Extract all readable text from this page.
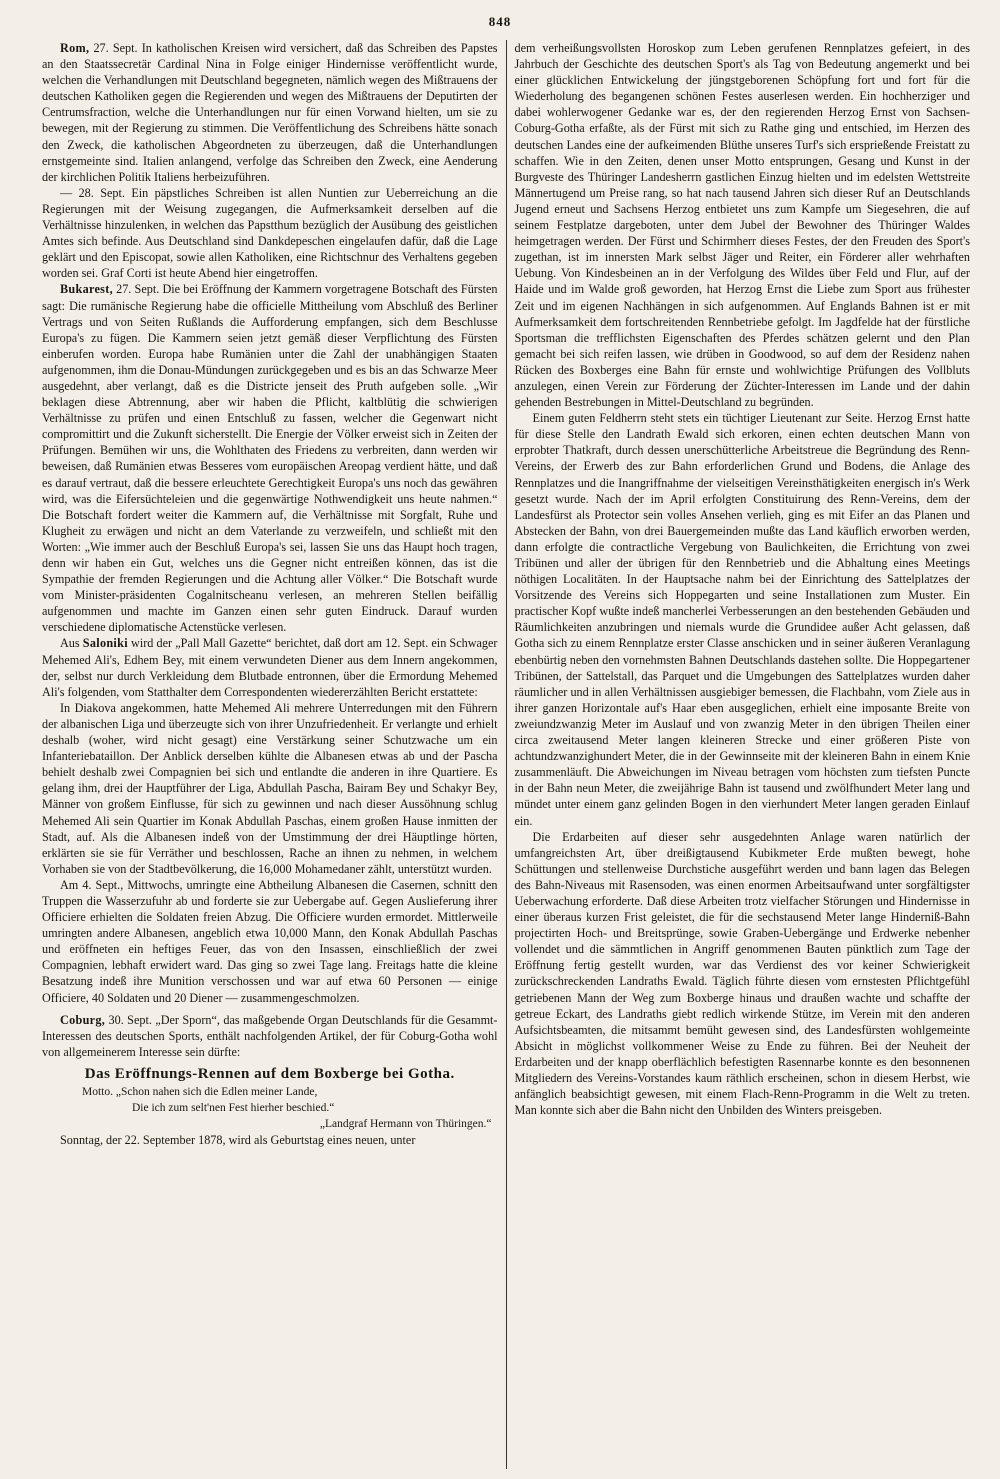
848

Rom, 27. Sept. In katholischen Kreisen wird versichert, daß das Schreiben des Papstes an den Staatssecretär Cardinal Nina in Folge einiger Hindernisse veröffentlicht wurde, welchen die Verhandlungen mit Deutschland begegneten, nämlich wegen des Mißtrauens der deutschen Katholiken gegen die Regierenden und wegen des Mißtrauens der Deputirten der Centrumsfraction, welche die Unterhandlungen nur für einen Vorwand hielten, um sie zu bewegen, mit der Regierung zu stimmen. Die Veröffentlichung des Schreibens hätte sonach den Zweck, die katholischen Abgeordneten zu überzeugen, daß die Unterhandlungen ernstgemeinte sind. Italien anlangend, verfolge das Schreiben den Zweck, eine Aenderung der kirchlichen Politik Italiens herbeizuführen.

— 28. Sept. Ein päpstliches Schreiben ist allen Nuntien zur Ueberreichung an die Regierungen mit der Weisung zugegangen, die Aufmerksamkeit derselben auf die Verhältnisse hinzulenken, in welchen das Papstthum bezüglich der Ausübung des geistlichen Amtes sich befinde. Aus Deutschland sind Dankdepeschen eingelaufen dafür, daß die Lage geklärt und den Episcopat, sowie allen Katholiken, eine Richtschnur des Verhaltens gegeben worden sei. Graf Corti ist heute Abend hier eingetroffen.

Bukarest, 27. Sept. Die bei Eröffnung der Kammern vorgetragene Botschaft des Fürsten sagt: Die rumänische Regierung habe die officielle Mittheilung vom Abschluß des Berliner Vertrags und von Seiten Rußlands die Aufforderung empfangen, sich dem Beschlusse Europa's zu fügen. Die Kammern seien jetzt gemäß dieser Verpflichtung des Fürsten einberufen worden. Europa habe Rumänien unter die Zahl der unabhängigen Staaten aufgenommen, ihm die Donau-Mündungen zurückgegeben und es bis an das Schwarze Meer ausgedehnt, aber verlangt, daß es die Districte jenseit des Pruth aufgeben solle. „Wir beklagen diese Abtrennung, aber wir haben die Pflicht, kaltblütig die schwierigen Verhältnisse zu prüfen und einen Entschluß zu fassen, welcher die Gegenwart nicht compromittirt und die Zukunft sicherstellt. Die Energie der Völker erweist sich in Zeiten der Prüfungen. Bemühen wir uns, die Wohlthaten des Friedens zu verbreiten, dann werden wir beweisen, daß Rumänien etwas Besseres vom europäischen Areopag verdient hätte, und daß es darauf vertraut, daß die bessere erleuchtete Gerechtigkeit Europa's uns noch das gewähren wird, was die Eifersüchteleien und die gegenwärtige Nothwendigkeit uns heute nahmen.“ Die Botschaft fordert weiter die Kammern auf, die Verhältnisse mit Sorgfalt, Ruhe und Klugheit zu erwägen und nicht an dem Vaterlande zu verzweifeln, und schließt mit den Worten: „Wie immer auch der Beschluß Europa's sei, lassen Sie uns das Haupt hoch tragen, denn wir haben ein Gut, welches uns die Gegner nicht entreißen können, das ist die Sympathie der fremden Regierungen und die Achtung aller Völker.“ Die Botschaft wurde vom Minister-präsidenten Cogalnitscheanu verlesen, an mehreren Stellen beifällig aufgenommen und machte im Ganzen einen sehr guten Eindruck. Darauf wurden verschiedene diplomatische Actenstücke verlesen.

Aus Saloniki wird der „Pall Mall Gazette“ berichtet, daß dort am 12. Sept. ein Schwager Mehemed Ali's, Edhem Bey, mit einem verwundeten Diener aus dem Innern angekommen, der, selbst nur durch Verkleidung dem Blutbade entronnen, über die Ermordung Mehemed Ali's folgenden, vom Statthalter dem Correspondenten wiedererzählten Bericht erstattete:

In Diakova angekommen, hatte Mehemed Ali mehrere Unterredungen mit den Führern der albanischen Liga und überzeugte sich von ihrer Unzufriedenheit. Er verlangte und erhielt deshalb (woher, wird nicht gesagt) eine Verstärkung seiner Schutzwache um ein Infanteriebataillon. Der Anblick derselben kühlte die Albanesen etwas ab und der Pascha behielt deshalb zwei Compagnien bei sich und entlandte die anderen in ihre Quartiere. Es gelang ihm, drei der Hauptführer der Liga, Abdullah Pascha, Bairam Bey und Schakyr Bey, Männer von großem Einflusse, für sich zu gewinnen und nach dieser Aussöhnung schlug Mehemed Ali sein Quartier im Konak Abdullah Paschas, einem großen Hause inmitten der Stadt, auf. Als die Albanesen indeß von der Umstimmung der drei Häuptlinge hörten, erklärten sie sie für Verräther und beschlossen, Rache an ihnen zu nehmen, in welchem Vorhaben sie von der Stadtbevölkerung, die 16,000 Mohamedaner zählt, unterstützt wurden.

Am 4. Sept., Mittwochs, umringte eine Abtheilung Albanesen die Casernen, schnitt den Truppen die Wasserzufuhr ab und forderte sie zur Uebergabe auf. Gegen Auslieferung ihrer Officiere erhielten die Soldaten freien Abzug. Die Officiere wurden ermordet. Mittlerweile umringten andere Albanesen, angeblich etwa 10,000 Mann, den Konak Abdullah Paschas und eröffneten ein heftiges Feuer, das von den Insassen, einschließlich der zwei Compagnien, lebhaft erwidert ward. Das ging so zwei Tage lang. Freitags hatte die kleine Besatzung indeß ihre Munition verschossen und war auf etwa 60 Personen — einige Officiere, 40 Soldaten und 20 Diener — zusammengeschmolzen.

Coburg, 30. Sept. „Der Sporn“, das maßgebende Organ Deutschlands für die Gesammt-Interessen des deutschen Sports, enthält nachfolgenden Artikel, der für Coburg-Gotha wohl von allgemeinerem Interesse sein dürfte:

Das Eröffnungs-Rennen auf dem Boxberge bei Gotha.

Motto. „Schon nahen sich die Edlen meiner Lande,

Die ich zum selt'nen Fest hierher beschied.“

„Landgraf Hermann von Thüringen.“

Sonntag, der 22. September 1878, wird als Geburtstag eines neuen, unter

dem verheißungsvollsten Horoskop zum Leben gerufenen Rennplatzes gefeiert, in des Jahrbuch der Geschichte des deutschen Sport's als Tag von Bedeutung angemerkt und bei einer glücklichen Entwickelung der jüngstgeborenen Schöpfung fort und fort für die Wiederholung des begangenen schönen Festes auserlesen werden. Ein hochherziger und dabei wohlerwogener Gedanke war es, der den regierenden Herzog Ernst von Sachsen-Coburg-Gotha erfaßte, als der Fürst mit sich zu Rathe ging und entschied, im Herzen des deutschen Landes eine der aufkeimenden Blüthe unseres Turf's sich ersprießende Freistatt zu schaffen. Wie in den Zeiten, denen unser Motto entsprungen, Gesang und Kunst in der Burgveste des Thüringer Landesherrn gastlichen Einzug hielten und im edelsten Wettstreite Männertugend um Preise rang, so hat nach tausend Jahren sich dieser Ruf an Deutschlands Jugend erneut und Sachsens Herzog entbietet uns zum Kampfe um Siegesehren, die auf seinem Festplatze dargeboten, unter dem Jubel der Bewohner des Thüringer Waldes heimgetragen werden. Der Fürst und Schirmherr dieses Festes, der den Freuden des Sport's zugethan, ist im innersten Mark selbst Jäger und Reiter, ein Förderer aller wehrhaften Uebung. Von Kindesbeinen an in der Verfolgung des Wildes über Feld und Flur, auf der Haide und im Walde groß geworden, hat Herzog Ernst die Liebe zum Sport aus frühester Zeit und im eigenen Nachhängen in sich aufgenommen. Auf Englands Bahnen ist er mit Aufmerksamkeit dem fortschreitenden Rennbetriebe gefolgt. Im Jagdfelde hat der fürstliche Sportsman die trefflichsten Eigenschaften des Pferdes schätzen gelernt und den Plan gemacht bei sich reifen lassen, wie drüben in Goodwood, so auf dem der Residenz nahen Rücken des Boxberges eine Bahn für ernste und wohlwichtige Prüfungen des Vollbluts anzulegen, einen Verein zur Förderung der Züchter-Interessen im Lande und der dahin gehenden Bestrebungen in Mittel-Deutschland zu begründen.

Einem guten Feldherrn steht stets ein tüchtiger Lieutenant zur Seite. Herzog Ernst hatte für diese Stelle den Landrath Ewald sich erkoren, einen echten deutschen Mann von erprobter Thatkraft, durch dessen unerschütterliche Arbeitstreue die Begründung des Renn-Vereins, der Erwerb des zur Bahn erforderlichen Grund und Bodens, die Anlage des Rennplatzes und die Inangriffnahme der vielseitigen Vereinsthätigkeiten energisch in's Werk gesetzt wurde. Nach der im April erfolgten Constituirung des Renn-Vereins, dem der Landesfürst als Protector sein volles Ansehen verlieh, ging es mit Eifer an das Planen und Abstecken der Bahn, von drei Bauergemeinden mußte das Land käuflich erworben werden, dann erfolgte die contractliche Vergebung von Baulichkeiten, die Errichtung von zwei Tribünen und aller der übrigen für den Rennbetrieb und die Abhaltung eines Meetings nöthigen Localitäten. In der Hauptsache nahm bei der Einrichtung des Sattelplatzes der Vorsitzende des Vereins sich Hoppegarten und seine Installationen zum Muster. Ein practischer Kopf wußte indeß mancherlei Verbesserungen an den bestehenden Gebäuden und Räumlichkeiten anzubringen und niemals wurde die Grundidee außer Acht gelassen, daß Gotha sich zu einem Rennplatze erster Classe anschicken und in seiner äußeren Veranlagung ebenbürtig neben den vornehmsten Bahnen Deutschlands dastehen sollte. Die Hoppegartener Tribünen, der Sattelstall, das Parquet und die Umgebungen des Sattelplatzes wurden daher räumlicher und in allen Verhältnissen ausgiebiger bemessen, die Flachbahn, vom Ziele aus in ihrer ganzen Horizontale auf's Haar eben ausgeglichen, erhielt eine imposante Breite von zweiundzwanzig Meter im Auslauf und von zwanzig Meter in den übrigen Theilen einer circa zweitausend Meter langen kleineren Strecke und einer größeren Piste von achtundzwanzighundert Meter, die in der Gewinnseite mit der kleineren Bahn in einem Knie zusammenläuft. Die Abweichungen im Niveau betragen vom höchsten zum tiefsten Puncte in der Bahn neun Meter, die zweijährige Bahn ist tausend und zwölfhundert Meter lang und mündet unter einem ganz gelinden Bogen in den vierhundert Meter langen geraden Einlauf ein.

Die Erdarbeiten auf dieser sehr ausgedehnten Anlage waren natürlich der umfangreichsten Art, über dreißigtausend Kubikmeter Erde mußten bewegt, hohe Schüttungen und stellenweise Durchstiche ausgeführt werden und bann lagen das Belegen des Bahn-Niveaus mit Rasensoden, was einen enormen Arbeitsaufwand unter sorgfältigster Ueberwachung erforderte. Daß diese Arbeiten trotz vielfacher Störungen und Hindernisse in einer überaus kurzen Frist geleistet, die für die sechstausend Meter lange Hinderniß-Bahn projectirten Hoch- und Breitsprünge, sowie Graben-Uebergänge und Erdwerke nebenher vollendet und die sämmtlichen in Angriff genommenen Bauten pünktlich zum Tage der Eröffnung fertig gestellt wurden, war das Verdienst des vor keiner Schwierigkeit zurückschreckenden Landraths Ewald. Täglich führte diesen vom ernstesten Pflichtgefühl getriebenen Mann der Weg zum Boxberge hinaus und draußen wachte und schaffte der getreue Eckart, des Landraths giebt redlich wirkende Stütze, im Verein mit den anderen Aufsichtsbeamten, die mitsammt bemüht gewesen sind, des Landesfürsten wohlgemeinte Absicht in möglichst vollkommener Weise zu Ende zu führen. Bei der Neuheit der Erdarbeiten und der knapp oberflächlich befestigten Rasennarbe konnte es den besonnenen Mitgliedern des Vereins-Vorstandes kaum räthlich erscheinen, schon in diesem Herbst, wie anfänglich beabsichtigt gewesen, mit einem Flach-Renn-Programm in die Welt zu treten. Man konnte sich aber die Bahn nicht den Unbilden des Winters preisgeben.
